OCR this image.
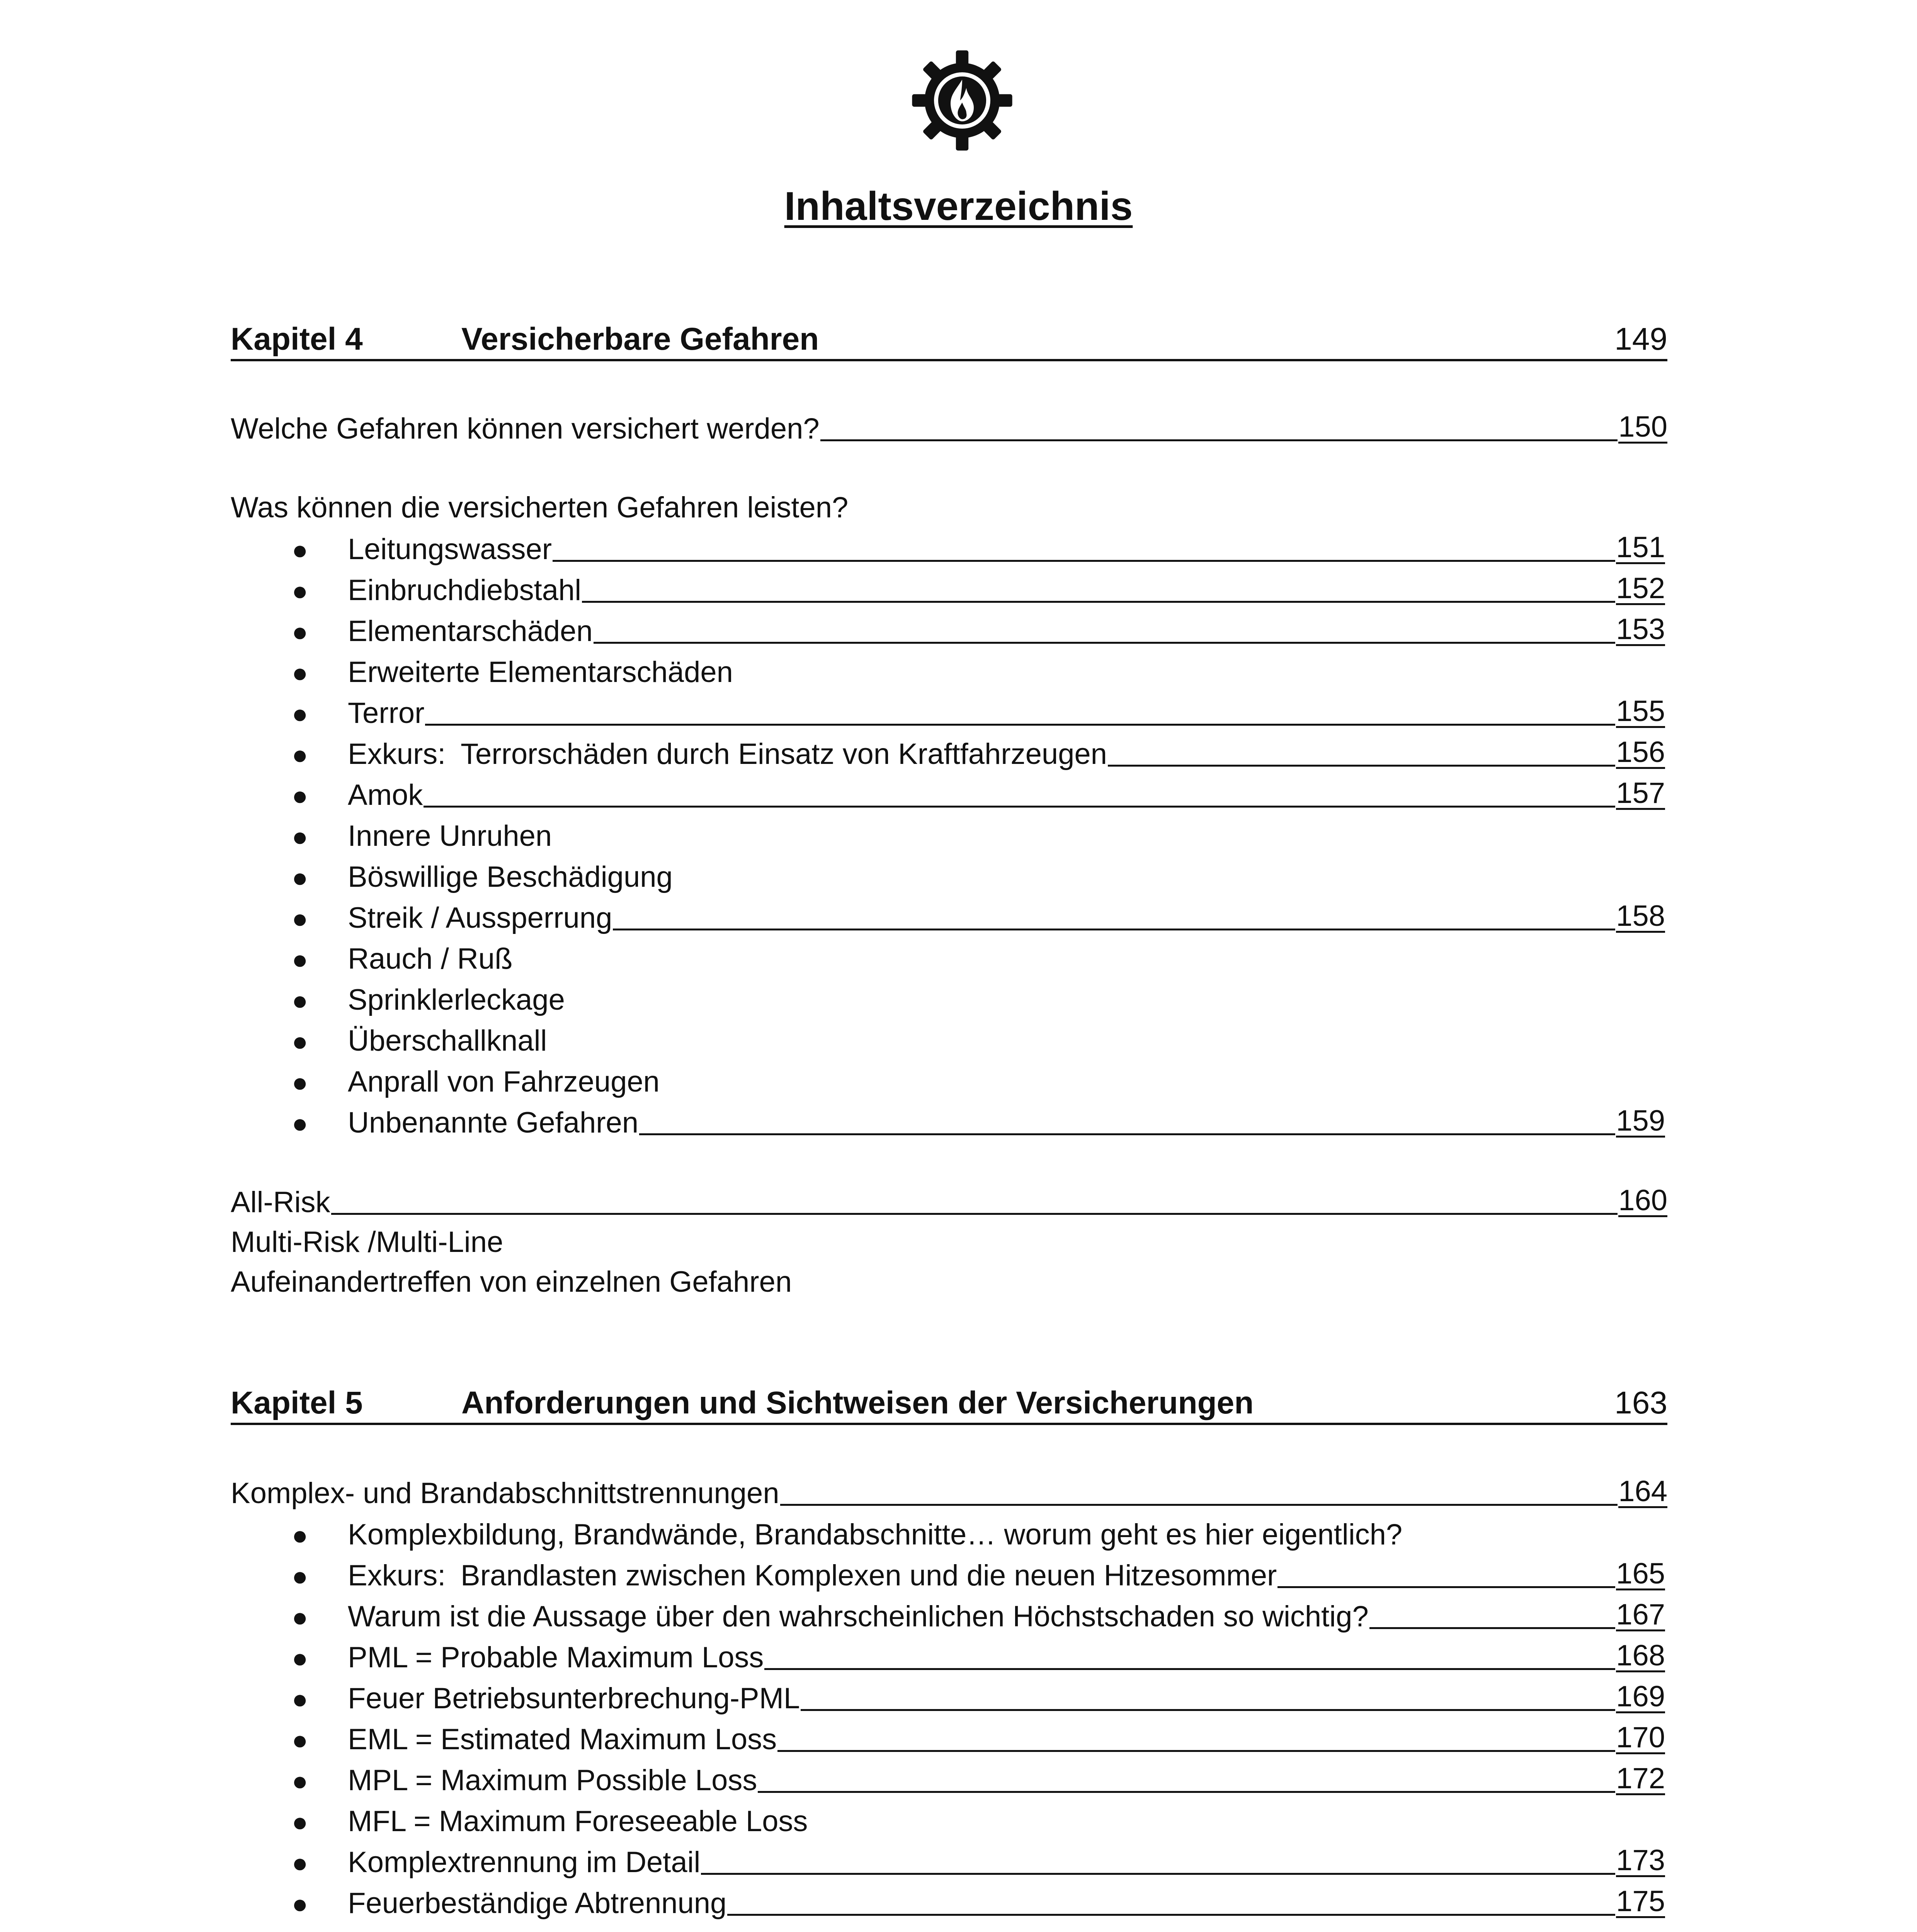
Inhaltsverzeichnis
Kapitel 4	Versicherbare Gefahren	149
Welche Gefahren können versichert werden?	150
Was können die versicherten Gefahren leisten?
● Leitungswasser	151
● Einbruchdiebstahl	152
● Elementarschäden	153
● Erweiterte Elementarschäden
● Terror	155
● Exkurs: Terrorschäden durch Einsatz von Kraftfahrzeugen	156
● Amok	157
● Innere Unruhen
● Böswillige Beschädigung
● Streik / Aussperrung	158
● Rauch / Ruß
● Sprinklerleckage
● Überschallknall
● Anprall von Fahrzeugen
● Unbenannte Gefahren	159
All-Risk	160
Multi-Risk /Multi-Line
Aufeinandertreffen von einzelnen Gefahren
Kapitel 5	Anforderungen und Sichtweisen der Versicherungen	163
Komplex- und Brandabschnittstrennungen	164
● Komplexbildung, Brandwände, Brandabschnitte… worum geht es hier eigentlich?
● Exkurs: Brandlasten zwischen Komplexen und die neuen Hitzesommer	165
● Warum ist die Aussage über den wahrscheinlichen Höchstschaden so wichtig?	167
● PML = Probable Maximum Loss	168
● Feuer Betriebsunterbrechung-PML	169
● EML = Estimated Maximum Loss	170
● MPL = Maximum Possible Loss	172
● MFL = Maximum Foreseeable Loss
● Komplextrennung im Detail	173
● Feuerbeständige Abtrennung	175
